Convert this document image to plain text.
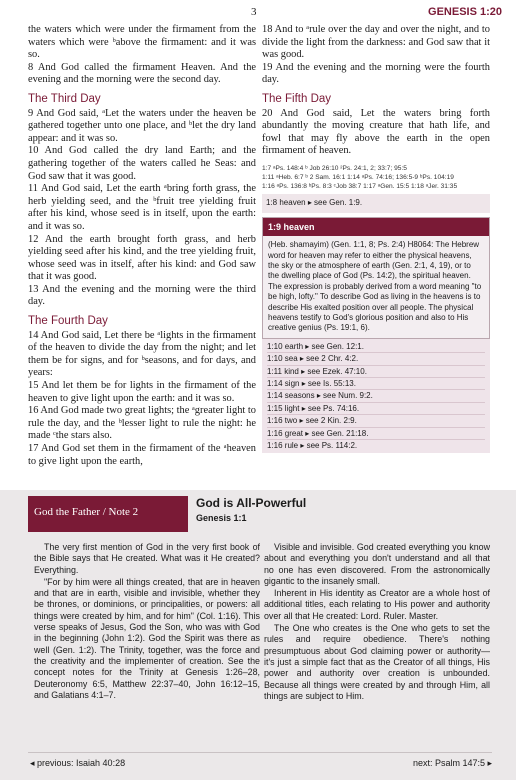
3	GENESIS 1:20

the waters which were under the firmament from the waters which were ᵇabove the firmament: and it was so.

8 And God called the firmament Heaven. And the evening and the morning were the second day.

The Third Day

9 And God said, ᵃLet the waters under the heaven be gathered together unto one place, and ᵇlet the dry land appear: and it was so.

10 And God called the dry land Earth; and the gathering together of the waters called he Seas: and God saw that it was good.

11 And God said, Let the earth ᵃbring forth grass, the herb yielding seed, and the ᵇfruit tree yielding fruit after his kind, whose seed is in itself, upon the earth: and it was so.

12 And the earth brought forth grass, and herb yielding seed after his kind, and the tree yielding fruit, whose seed was in itself, after his kind: and God saw that it was good.

13 And the evening and the morning were the third day.

The Fourth Day

14 And God said, Let there be ᵃlights in the firmament of the heaven to divide the day from the night; and let them be for signs, and for ᵇseasons, and for days, and years:

15 And let them be for lights in the firmament of the heaven to give light upon the earth: and it was so.

16 And God made two great lights; the ᵃgreater light to rule the day, and the ᵇlesser light to rule the night: he made ᶜthe stars also.

17 And God set them in the firmament of the ᵃheaven to give light upon the earth,

18 And to ᵃrule over the day and over the night, and to divide the light from the darkness: and God saw that it was good.

19 And the evening and the morning were the fourth day.

The Fifth Day

20 And God said, Let the waters bring forth abundantly the moving creature that hath life, and fowl that may fly above the earth in the open firmament of heaven.

1:7 ᵃPs. 148:4 ᵇ Job 26:10 ²Ps. 24:1, 2; 33:7; 95:5
1:11 ᵃHeb. 6:7 ᵇ 2 Sam. 16:1 1:14 ᵃPs. 74:16; 136:5-9 ᵇPs. 104:19
1:16 ᵃPs. 136:8 ᵇPs. 8:3 ᶜJob 38:7 1:17 ᵃGen. 15:5 1:18 ᵃJer. 31:35
1:8 heaven ▸ see Gen. 1:9.
1:9 heaven
(Heb. shamayim) (Gen. 1:1, 8; Ps. 2:4) H8064: The Hebrew word for heaven may refer to either the physical heavens, the sky or the atmosphere of earth (Gen. 2:1, 4, 19), or to the dwelling place of God (Ps. 14:2), the spiritual heaven. The expression is probably derived from a word meaning "to be high, lofty." To describe God as living in the heavens is to describe His exalted position over all people. The physical heavens testify to God's glorious position and also to His creative genius (Ps. 19:1, 6).
1:10 earth ▸ see Gen. 12:1.
1:10 sea ▸ see 2 Chr. 4:2.
1:11 kind ▸ see Ezek. 47:10.
1:14 sign ▸ see Is. 55:13.
1:14 seasons ▸ see Num. 9:2.
1:15 light ▸ see Ps. 74:16.
1:16 two ▸ see 2 Kin. 2:9.
1:16 great ▸ see Gen. 21:18.
1:16 rule ▸ see Ps. 114:2.
God the Father / Note 2
God is All-Powerful
Genesis 1:1

The very first mention of God in the very first book of the Bible says that He created. What was it He created? Everything.

"For by him were all things created, that are in heaven and that are in earth, visible and invisible, whether they be thrones, or dominions, or principalities, or powers: all things were created by him, and for him" (Col. 1:16). This verse speaks of Jesus, God the Son, who was with God in the beginning (John 1:2). God the Spirit was there as well (Gen. 1:2). The Trinity, together, was the force and the creativity and the implementer of creation. See the concept notes for the Trinity at Genesis 1:26–28, Deuteronomy 6:5, Matthew 22:37–40, John 16:12–15, and Galatians 4:1–7.

Visible and invisible. God created everything you know about and everything you don't understand and all that no one has even discovered. From the astronomically gigantic to the insanely small.

Inherent in His identity as Creator are a whole host of additional titles, each relating to His power and authority over all that He created: Lord. Ruler. Master.

The One who creates is the One who gets to set the rules and require obedience. There's nothing presumptuous about God claiming power or authority—it's just a simple fact that as the Creator of all things, His power and authority over creation is unbounded. Because all things were created by and through Him, all things are subject to Him.

◂ previous: Isaiah 40:28	next: Psalm 147:5 ▸
